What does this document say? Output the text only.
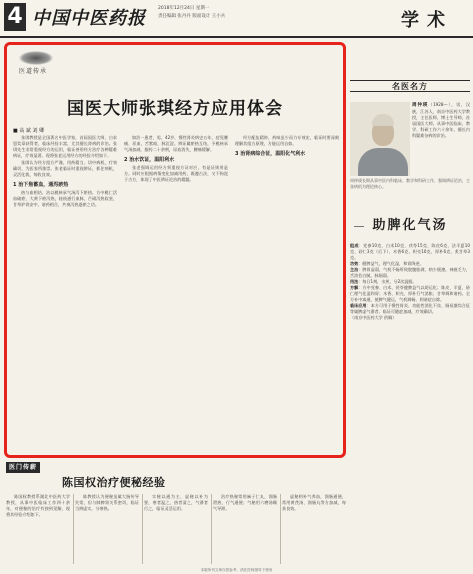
4 中国中医药报	2018年12月24日 星期一
责任编辑 张丹丹 版面设计 王小兵	学术
医道传承
国医大师张琪经方应用体会
■ 高 斌 刘 卿

张琪教授是全国著名中医学家，首届国医大师，白求恩奖章获得者，临床经验丰富，尤其擅长肾病的诊治。张琪先生非常重视经方的运用，临证善用经方治疗各种疑难病证，疗效显著。现将张老运用经方的经验介绍如下。

张琪认为经方组方严谨，用药精当，切中病机，疗效确切，为医家所推崇。张老临证时重视辨证，抓住病机，灵活化裁，每收良效。

1 治下焦蓄血，通泻瘀热

热与血相结，治以桃核承气汤泻下瘀热。方中桃仁活血破瘀，大黄下瘀泻热，桂枝通行血脉，芒硝泻热软坚，甘草护胃安中，诸药相合，共奏泻热逐瘀之功。

如治一患者，男，42岁，慢性肾炎病史五年，症见腰痛、尿血，舌紫暗，脉沉涩。辨证属瘀热互结，予桃核承气汤加减，服药二十余剂，尿血消失，腰痛缓解。

2 治水饮证，温阳利水

张老强调运用经方须重视方证对应，有是证则用是方。同时应根据病情变化加减用药，既遵古法，又不拘泥于古方，体现了中医辨证论治的精髓。

经方配伍精妙，药味虽少而力专效宏，临证时要深刻理解其组方原理，方能运用自如。

3 治肾病综合征，温阳化气利水
名医名方

周仲瑛（1928—），男，汉族，江苏人，南京中医药大学教授，主任医师，博士生导师，首届国医大师，从事中医临床、教学、科研工作六十余年，擅长内科疑难杂病的诊治。

周仲瑛长期从事中医内科临床、教学和科研工作，强调辨证论治，主张病机为理论核心。

助脾化气汤

组成：党参10克、白术10克、茯苓15克、陈皮6克、法半夏10克、砂仁3克（后下）、木香6克、枳壳10克、厚朴6克、炙甘草3克。

功效：健脾益气，理气化湿，和胃降逆。

主治：脾胃虚弱，气机不畅所致脘腹胀满，纳少便溏，神疲乏力，舌淡苔白腻，脉细弱。

用法：每日1剂，水煎，分2次温服。

方解：方中党参、白术、茯苓健脾益气以助运化；陈皮、半夏、砂仁理气化湿和胃；木香、枳壳、厚朴行气消胀；甘草调和诸药。全方补中寓通，使脾气健运，气机调畅，则诸症自除。

临床应用：本方可用于慢性胃炎、功能性消化不良、肠易激综合征等属脾虚气滞者。临证可随症加减，疗效确切。

（南京中医药大学 供稿）

医门传薪
陈国权治疗便秘经验

陈国权教授系湖北中医药大学教授，从事中医临床工作四十余年，对便秘的治疗有独到见解，现将其经验介绍如下。

陈教授认为便秘虽属大肠传导失常，但与肺脾肾关系密切，临证当辨虚实，分寒热。

实秘以通为主，虚秘以补为要，寒者温之，热者清之，气滞者行之，临证灵活运用。

治疗热秘常用麻子仁丸，润肠泄热，行气通便；气秘用六磨汤顺气导滞。

虚秘则补气养血，润肠通便，常用黄芪汤、润肠丸等方加减，每获良效。

本版所刊文章仅供参考，请在医师指导下使用
